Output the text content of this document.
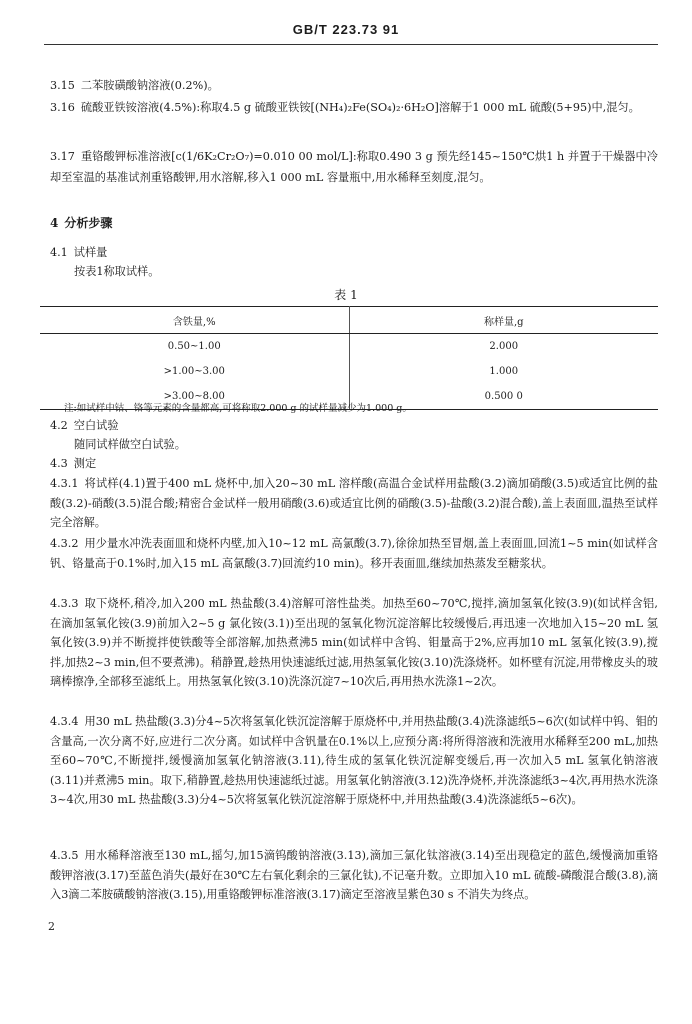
GB/T 223.73 91
3.15 二苯胺磺酸钠溶液(0.2%)。
3.16 硫酸亚铁铵溶液(4.5%):称取4.5 g 硫酸亚铁铵[(NH₄)₂Fe(SO₄)₂·6H₂O]溶解于1 000 mL 硫酸(5+95)中,混匀。
3.17 重铬酸钾标准溶液[c(1/6K₂Cr₂O₇)=0.010 00 mol/L]:称取0.490 3 g 预先经145~150℃烘1 h 并置于干燥器中冷却至室温的基准试剂重铬酸钾,用水溶解,移入1 000 mL 容量瓶中,用水稀释至刻度,混匀。
4 分析步骤
4.1 试样量
按表1称取试样。
表 1
含铁量,%	称样量,g
0.50~1.00	2.000
>1.00~3.00	1.000
>3.00~8.00	0.500 0
注:如试样中钴、铬等元素的含量都高,可将称取2.000 g 的试样量减少为1.000 g。
4.2 空白试验
随同试样做空白试验。
4.3 测定
4.3.1 将试样(4.1)置于400 mL 烧杯中,加入20~30 mL 溶样酸(高温合金试样用盐酸(3.2)滴加硝酸(3.5)或适宜比例的盐酸(3.2)-硝酸(3.5)混合酸;精密合金试样一般用硝酸(3.6)或适宜比例的硝酸(3.5)-盐酸(3.2)混合酸),盖上表面皿,温热至试样完全溶解。
4.3.2 用少量水冲洗表面皿和烧杯内壁,加入10~12 mL 高氯酸(3.7),徐徐加热至冒烟,盖上表面皿,回流1~5 min(如试样含钒、铬量高于0.1%时,加入15 mL 高氯酸(3.7)回流约10 min)。移开表面皿,继续加热蒸发至糖浆状。
4.3.3 取下烧杯,稍冷,加入200 mL 热盐酸(3.4)溶解可溶性盐类。加热至60~70℃,搅拌,滴加氢氧化铵(3.9)(如试样含铝,在滴加氢氧化铵(3.9)前加入2~5 g 氯化铵(3.1))至出现的氢氧化物沉淀溶解比较缓慢后,再迅速一次地加入15~20 mL 氢氧化铵(3.9)并不断搅拌使铁酸等全部溶解,加热煮沸5 min(如试样中含钨、钼量高于2%,应再加10 mL 氢氧化铵(3.9),搅拌,加热2~3 min,但不要煮沸)。稍静置,趁热用快速滤纸过滤,用热氢氧化铵(3.10)洗涤烧杯。如杯壁有沉淀,用带橡皮头的玻璃棒擦净,全部移至滤纸上。用热氢氧化铵(3.10)洗涤沉淀7~10次后,再用热水洗涤1~2次。
4.3.4 用30 mL 热盐酸(3.3)分4~5次将氢氧化铁沉淀溶解于原烧杯中,并用热盐酸(3.4)洗涤滤纸5~6次(如试样中钨、钼的含量高,一次分离不好,应进行二次分离。如试样中含钒量在0.1%以上,应预分离:将所得溶液和洗液用水稀释至200 mL,加热至60~70℃,不断搅拌,缓慢滴加氢氧化钠溶液(3.11),待生成的氢氧化铁沉淀解变缓后,再一次加入5 mL 氢氧化钠溶液(3.11)并煮沸5 min。取下,稍静置,趁热用快速滤纸过滤。用氢氧化钠溶液(3.12)洗净烧杯,并洗涤滤纸3~4次,再用热水洗涤3~4次,用30 mL 热盐酸(3.3)分4~5次将氢氧化铁沉淀溶解于原烧杯中,并用热盐酸(3.4)洗涤滤纸5~6次)。
4.3.5 用水稀释溶液至130 mL,摇匀,加15滴钨酸钠溶液(3.13),滴加三氯化钛溶液(3.14)至出现稳定的蓝色,缓慢滴加重铬酸钾溶液(3.17)至蓝色消失(最好在30℃左右氧化剩余的三氯化钛),不记毫升数。立即加入10 mL 硫酸-磷酸混合酸(3.8),滴入3滴二苯胺磺酸钠溶液(3.15),用重铬酸钾标准溶液(3.17)滴定至溶液呈紫色30 s 不消失为终点。
2
